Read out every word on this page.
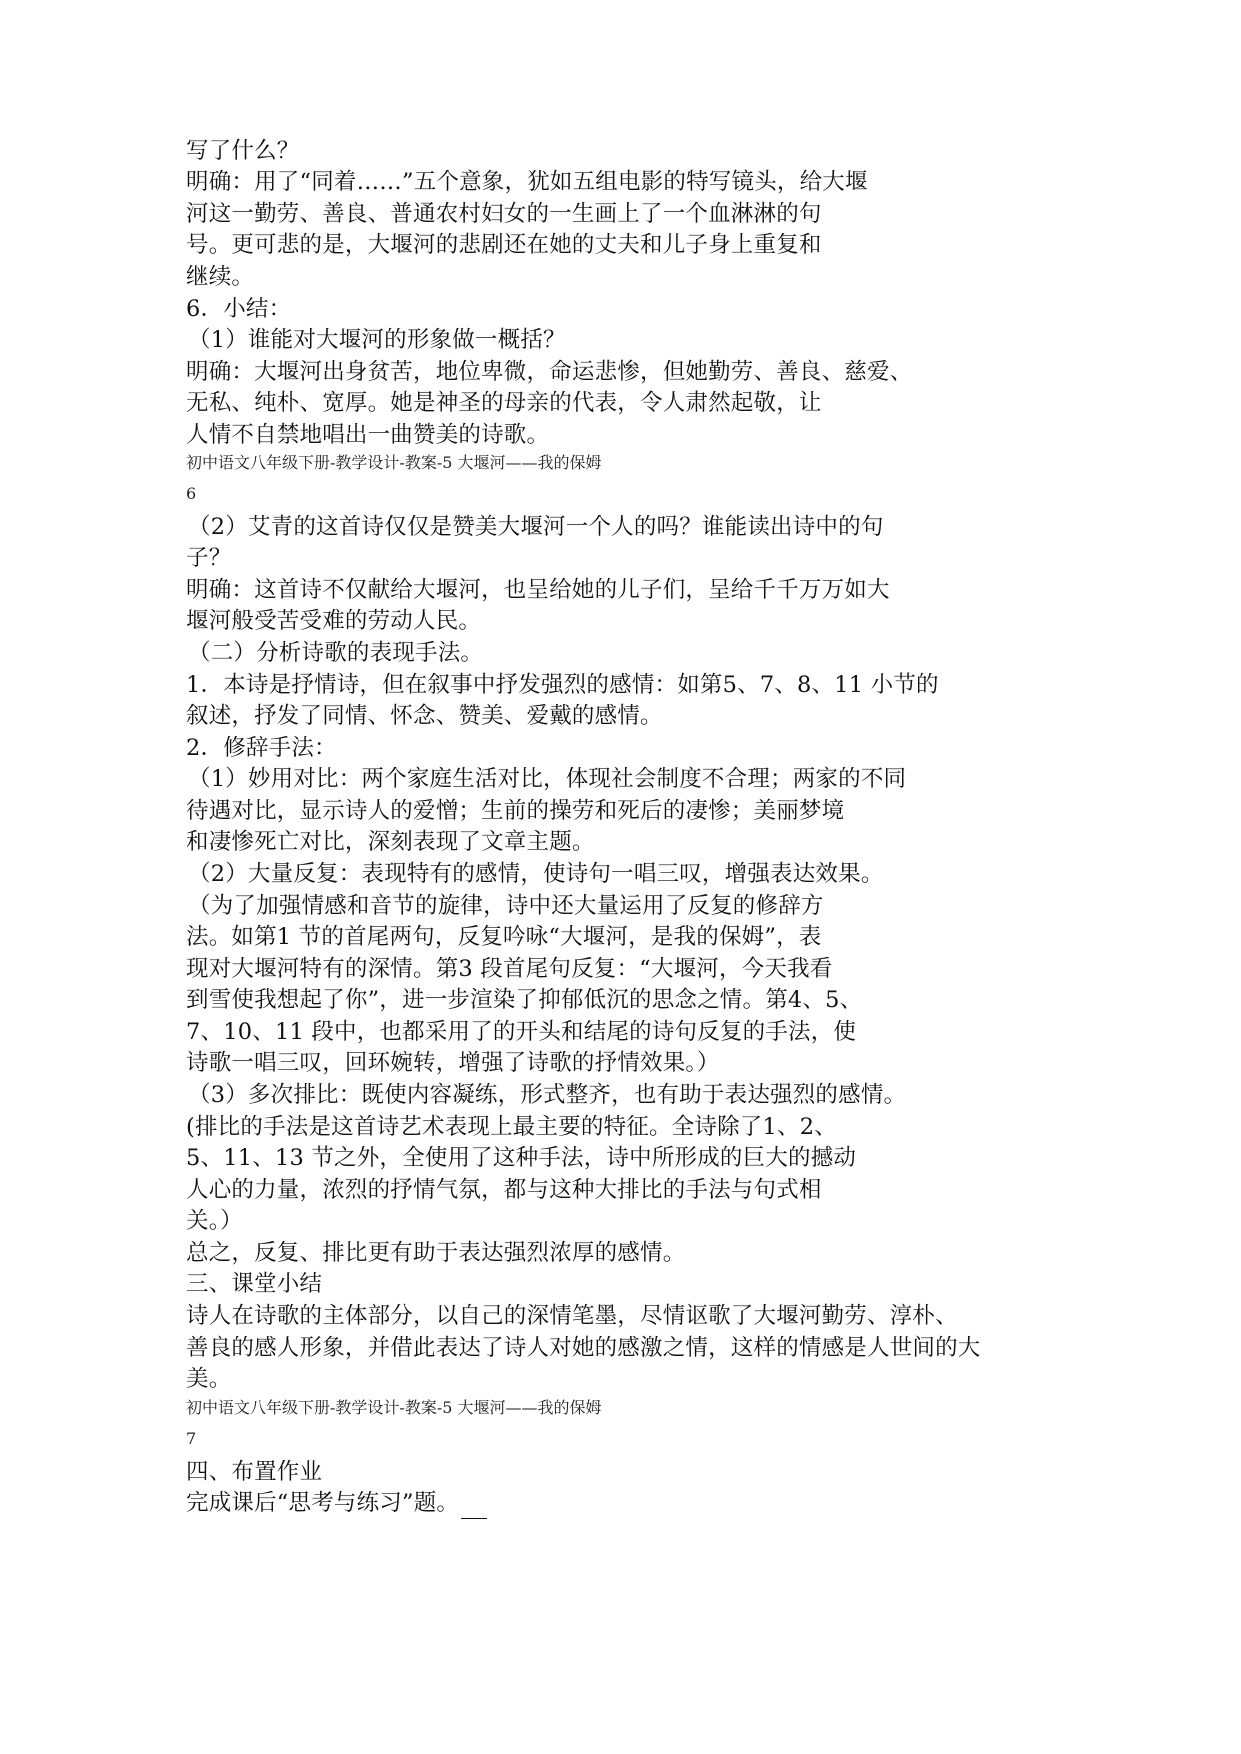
写了什么？
明确：用了“同着……”五个意象，犹如五组电影的特写镜头，给大堰
河这一勤劳、善良、普通农村妇女的一生画上了一个血淋淋的句
号。更可悲的是，大堰河的悲剧还在她的丈夫和儿子身上重复和
继续。
6．小结：
（1）谁能对大堰河的形象做一概括？
明确：大堰河出身贫苦，地位卑微，命运悲惨，但她勤劳、善良、慈爱、
无私、纯朴、宽厚。她是神圣的母亲的代表，令人肃然起敬，让
人情不自禁地唱出一曲赞美的诗歌。
初中语文八年级下册-教学设计-教案-5 大堰河——我的保姆
6
（2）艾青的这首诗仅仅是赞美大堰河一个人的吗？谁能读出诗中的句
子？
明确：这首诗不仅献给大堰河，也呈给她的儿子们，呈给千千万万如大
堰河般受苦受难的劳动人民。
（二）分析诗歌的表现手法。
1．本诗是抒情诗，但在叙事中抒发强烈的感情：如第5、7、8、11 小节的
叙述，抒发了同情、怀念、赞美、爱戴的感情。
2．修辞手法：
（1）妙用对比：两个家庭生活对比，体现社会制度不合理；两家的不同
待遇对比，显示诗人的爱憎；生前的操劳和死后的凄惨；美丽梦境
和凄惨死亡对比，深刻表现了文章主题。
（2）大量反复：表现特有的感情，使诗句一唱三叹，增强表达效果。
（为了加强情感和音节的旋律，诗中还大量运用了反复的修辞方
法。如第1 节的首尾两句，反复吟咏“大堰河，是我的保姆”，表
现对大堰河特有的深情。第3 段首尾句反复：“大堰河，今天我看
到雪使我想起了你”，进一步渲染了抑郁低沉的思念之情。第4、5、
7、10、11 段中，也都采用了的开头和结尾的诗句反复的手法，使
诗歌一唱三叹，回环婉转，增强了诗歌的抒情效果。）
（3）多次排比：既使内容凝练，形式整齐，也有助于表达强烈的感情。
(排比的手法是这首诗艺术表现上最主要的特征。全诗除了1、2、
5、11、13 节之外，全使用了这种手法，诗中所形成的巨大的撼动
人心的力量，浓烈的抒情气氛，都与这种大排比的手法与句式相
关。）
总之，反复、排比更有助于表达强烈浓厚的感情。
三、课堂小结
诗人在诗歌的主体部分，以自己的深情笔墨，尽情讴歌了大堰河勤劳、淳朴、
善良的感人形象，并借此表达了诗人对她的感激之情，这样的情感是人世间的大
美。
初中语文八年级下册-教学设计-教案-5 大堰河——我的保姆
7
四、布置作业
完成课后“思考与练习”题。
